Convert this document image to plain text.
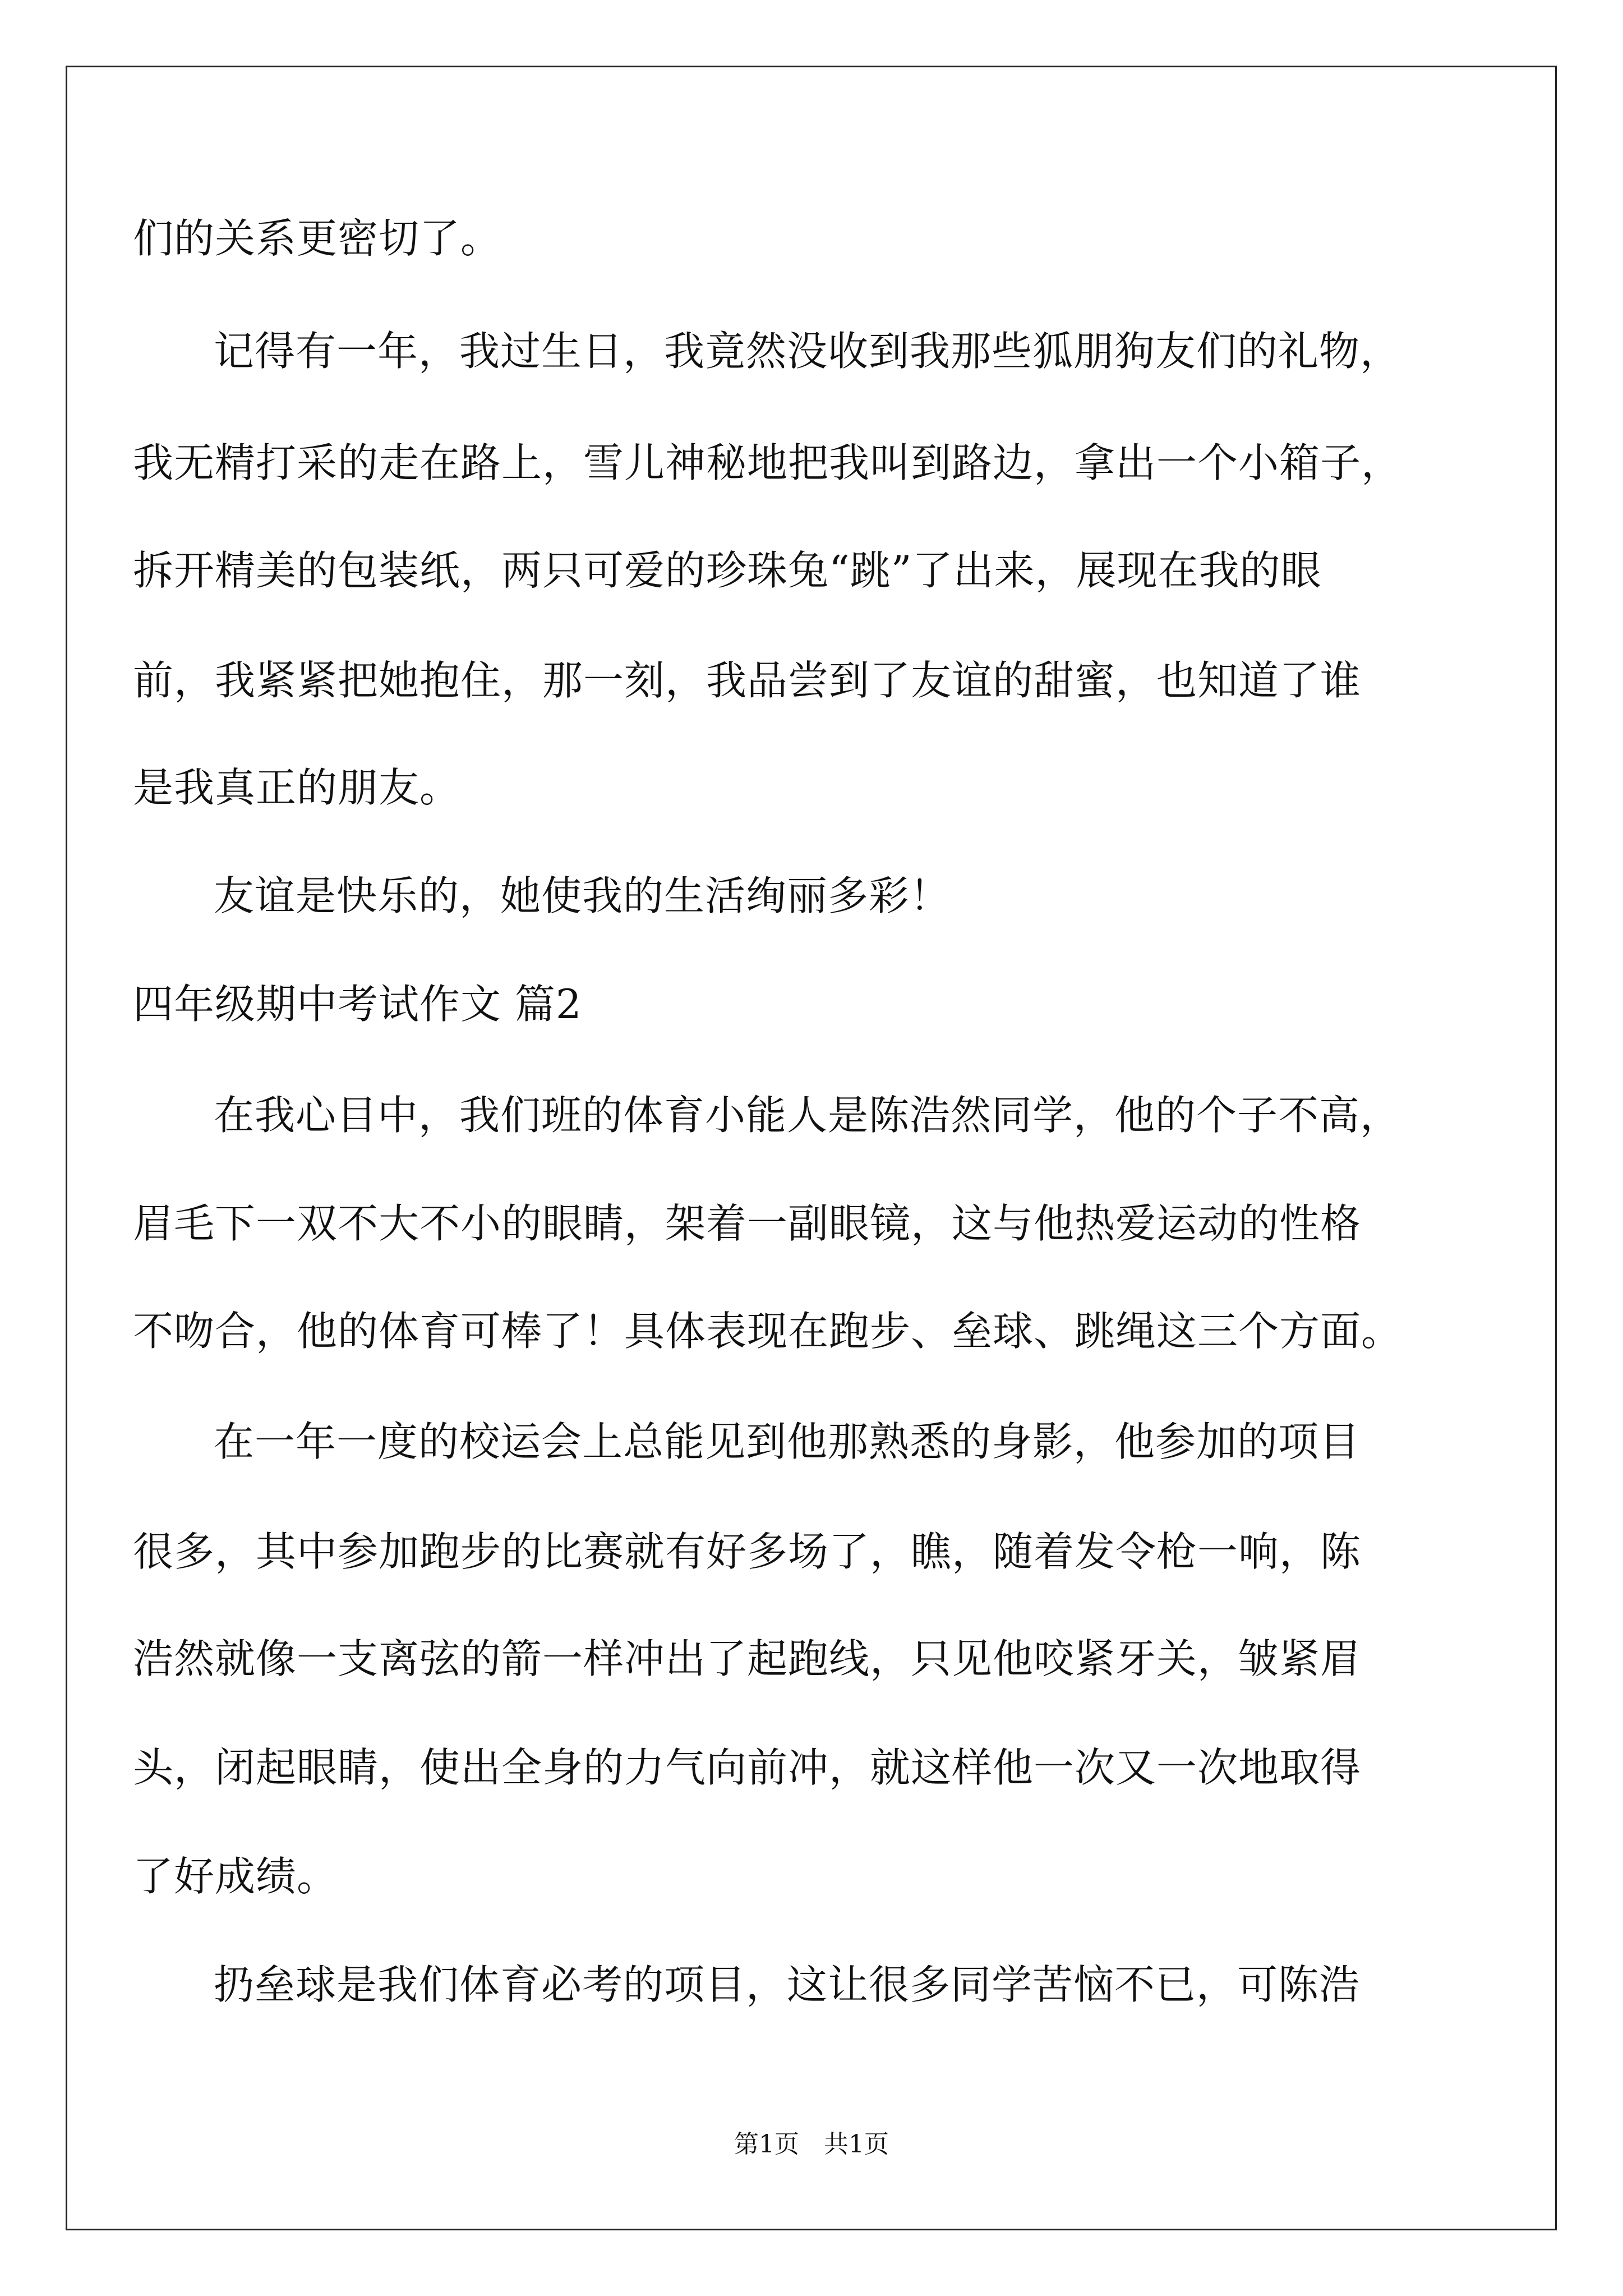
们的关系更密切了。
记得有一年，我过生日，我竟然没收到我那些狐朋狗友们的礼物，
我无精打采的走在路上，雪儿神秘地把我叫到路边，拿出一个小箱子，
拆开精美的包装纸，两只可爱的珍珠兔“跳”了出来，展现在我的眼
前，我紧紧把她抱住，那一刻，我品尝到了友谊的甜蜜，也知道了谁
是我真正的朋友。
友谊是快乐的，她使我的生活绚丽多彩！
四年级期中考试作文 篇2
在我心目中，我们班的体育小能人是陈浩然同学，他的个子不高，
眉毛下一双不大不小的眼睛，架着一副眼镜，这与他热爱运动的性格
不吻合，他的体育可棒了！具体表现在跑步、垒球、跳绳这三个方面。
在一年一度的校运会上总能见到他那熟悉的身影，他参加的项目
很多，其中参加跑步的比赛就有好多场了，瞧，随着发令枪一响，陈
浩然就像一支离弦的箭一样冲出了起跑线，只见他咬紧牙关，皱紧眉
头，闭起眼睛，使出全身的力气向前冲，就这样他一次又一次地取得
了好成绩。
扔垒球是我们体育必考的项目，这让很多同学苦恼不已，可陈浩
第1页　共1页
